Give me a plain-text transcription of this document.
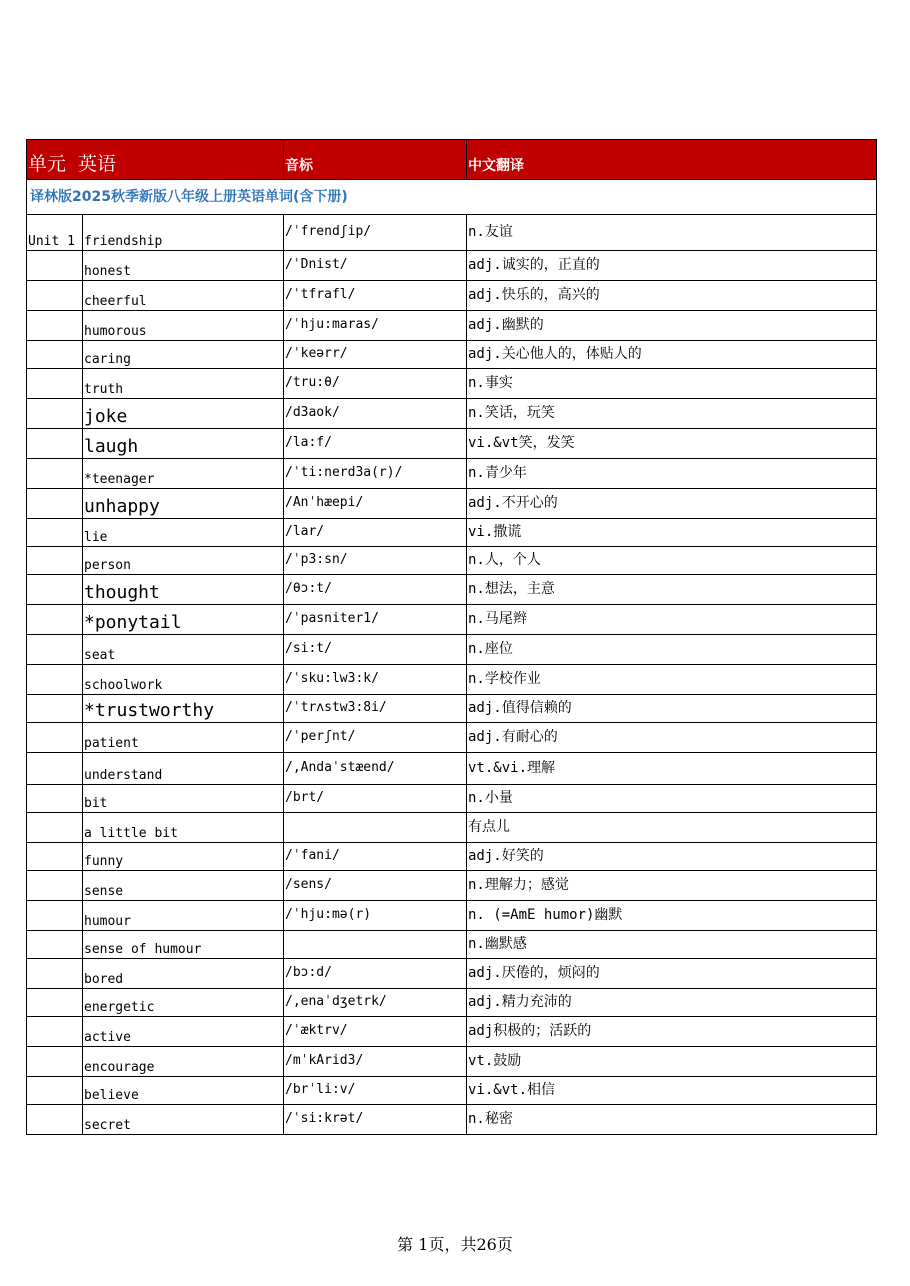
单元 英语		音标	中文翻译
译林版2025秋季新版八年级上册英语单词(含下册)			
Unit 1	friendship	/ˈfrendʃip/	n.友谊
	honest	/ˈDnist/	adj.诚实的，正直的
	cheerful	/ˈtfrafl/	adj.快乐的，高兴的
	humorous	/ˈhju:maras/	adj.幽默的
	caring	/ˈkeərr/	adj.关心他人的，体贴人的
	truth	/tru:θ/	n.事实
	joke	/d3aok/	n.笑话，玩笑
	laugh	/la:f/	vi.&vt笑，发笑
	*teenager	/ˈti:nerd3a(r)/	n.青少年
	unhappy	/Anˈhæepi/	adj.不开心的
	lie	/lar/	vi.撒谎
	person	/ˈp3:sn/	n.人，个人
	thought	/θɔ:t/	n.想法，主意
	*ponytail	/ˈpasniter1/	n.马尾辫
	seat	/si:t/	n.座位
	schoolwork	/ˈsku:lw3:k/	n.学校作业
	*trustworthy	/ˈtrʌstw3:8i/	adj.值得信赖的
	patient	/ˈperʃnt/	adj.有耐心的
	understand	/,Andaˈstæend/	vt.&vi.理解
	bit	/brt/	n.小量
	a little bit		有点儿
	funny	/ˈfani/	adj.好笑的
	sense	/sens/	n.理解力；感觉
	humour	/ˈhju:mə(r)	n. (=AmE humor)幽默
	sense of humour		n.幽默感
	bored	/bɔ:d/	adj.厌倦的，烦闷的
	energetic	/,enaˈdʒetrk/	adj.精力充沛的
	active	/ˈæktrv/	adj积极的；活跃的
	encourage	/mˈkArid3/	vt.鼓励
	believe	/brˈli:v/	vi.&vt.相信
	secret	/ˈsi:krət/	n.秘密
第 1页，共26页
